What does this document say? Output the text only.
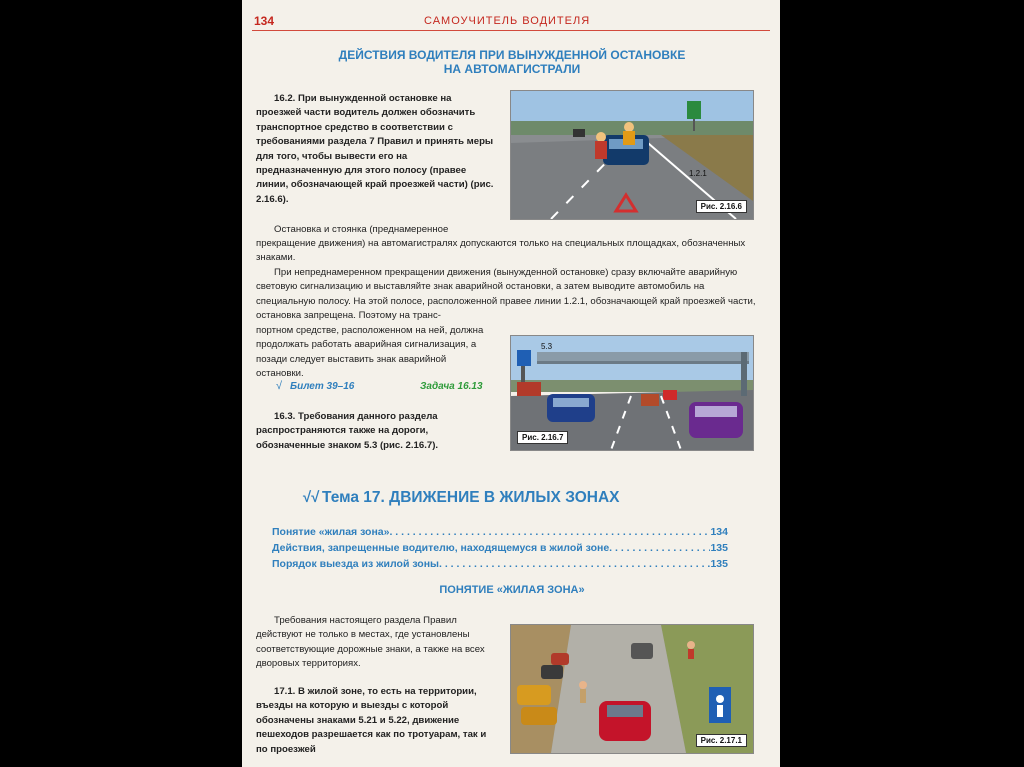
134	САМОУЧИТЕЛЬ ВОДИТЕЛЯ
ДЕЙСТВИЯ ВОДИТЕЛЯ ПРИ ВЫНУЖДЕННОЙ ОСТАНОВКЕ
НА АВТОМАГИСТРАЛИ
16.2. При вынужденной остановке на проезжей части водитель должен обозначить транспортное средство в соответствии с требованиями раздела 7 Правил и принять меры для того, чтобы вывести его на предназначенную для этого полосу (правее линии, обозначающей край проезжей части) (рис. 2.16.6).
1.2.1
Рис. 2.16.6
Остановка и стоянка (преднамеренное
прекращение движения) на автомагистралях допускаются только на специальных площадках, обозначенных знаками.
При непреднамеренном прекращении движения (вынужденной остановке) сразу включайте аварийную световую сигнализацию и выставляйте знак аварийной остановки, а затем выводите автомобиль на специальную полосу. На этой полосе, расположенной правее линии 1.2.1, обозначающей край проезжей части, остановка запрещена. Поэтому на транс-
портном средстве, расположенном на ней, должна продолжать работать аварийная сигнализация, а позади следует выставить знак аварийной остановки.
5.3
Рис. 2.16.7
Билет 39–16
√	Задача 16.13
16.3. Требования данного раздела распространяются также на дороги, обозначенные знаком 5.3 (рис. 2.16.7).
√√ Тема 17. ДВИЖЕНИЕ В ЖИЛЫХ ЗОНАХ
Понятие «жилая зона» . . .	134
Действия, запрещенные водителю, находящемуся в жилой зоне . . .	135
Порядок выезда из жилой зоны . . .	135
ПОНЯТИЕ «ЖИЛАЯ ЗОНА»
Требования настоящего раздела Правил действуют не только в местах, где установлены соответствующие дорожные знаки, а также на всех дворовых территориях.
17.1. В жилой зоне, то есть на территории, въезды на которую и выезды с которой обозначены знаками 5.21 и 5.22, движение пешеходов разрешается как по тротуарам, так и по проезжей
Рис. 2.17.1
